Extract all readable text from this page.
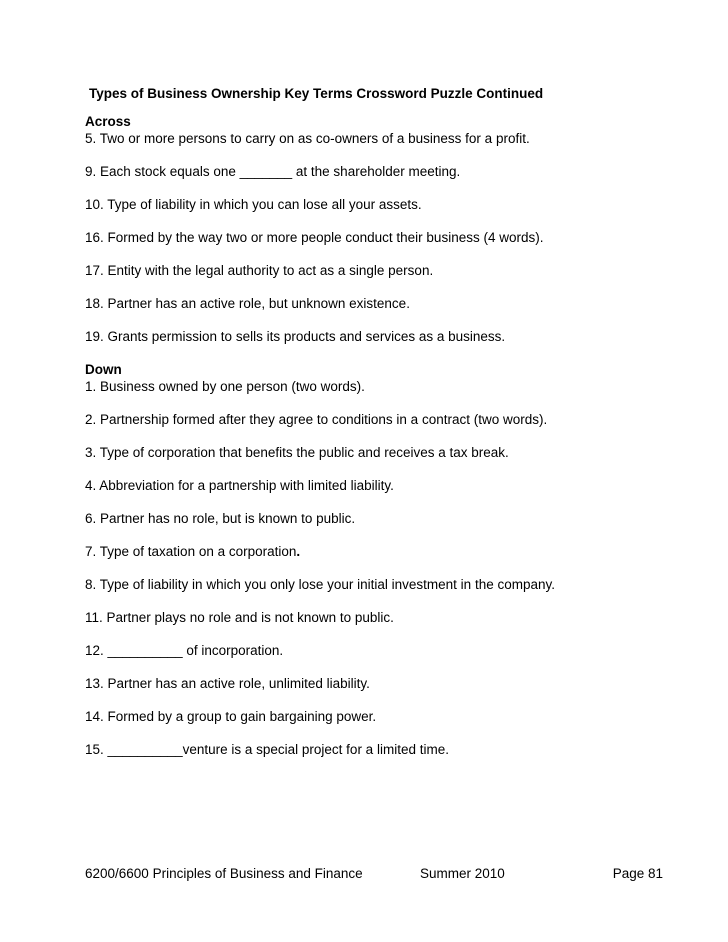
Types of Business Ownership Key Terms Crossword Puzzle Continued
Across
5. Two or more persons to carry on as co-owners of a business for a profit.
9. Each stock equals one _______ at the shareholder meeting.
10. Type of liability in which you can lose all your assets.
16. Formed by the way two or more people conduct their business (4 words).
17. Entity with the legal authority to act as a single person.
18. Partner has an active role, but unknown existence.
19. Grants permission to sells its products and services as a business.
Down
1. Business owned by one person (two words).
2. Partnership formed after they agree to conditions in a contract (two words).
3. Type of corporation that benefits the public and receives a tax break.
4. Abbreviation for a partnership with limited liability.
6. Partner has no role, but is known to public.
7. Type of taxation on a corporation.
8. Type of liability in which you only lose your initial investment in the company.
11. Partner plays no role and is not known to public.
12. __________ of incorporation.
13. Partner has an active role, unlimited liability.
14. Formed by a group to gain bargaining power.
15. __________venture is a special project for a limited time.
6200/6600 Principles of Business and Finance	Summer 2010	Page 81
